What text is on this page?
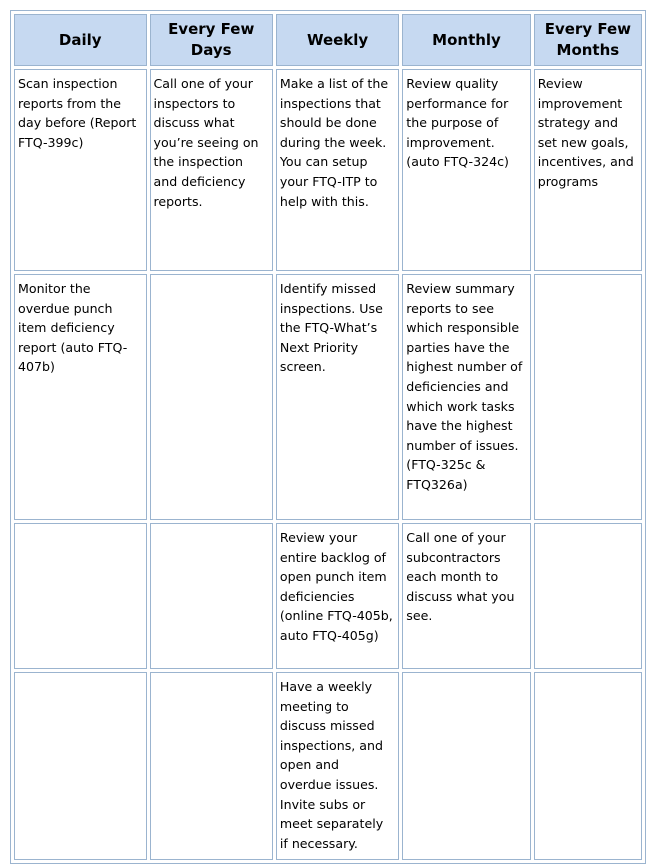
Daily	Every Few Days	Weekly	Monthly	Every Few Months
Scan inspection reports from the day before (Report FTQ-399c)	Call one of your inspectors to discuss what you’re seeing on the inspection and deficiency reports.	Make a list of the inspections that should be done during the week. You can setup your FTQ-ITP to help with this.	Review quality performance for the purpose of improvement. (auto FTQ-324c)	Review improvement strategy and set new goals, incentives, and programs
Monitor the overdue punch item deficiency report (auto FTQ-407b)		Identify missed inspections. Use the FTQ-What’s Next Priority screen.	Review summary reports to see which responsible parties have the highest number of deficiencies and which work tasks have the highest number of issues.(FTQ-325c & FTQ326a)	
		Review your entire backlog of open punch item deficiencies (online FTQ-405b, auto FTQ-405g)	Call one of your subcontractors each month to discuss what you see.	
		Have a weekly meeting to discuss missed inspections, and open and overdue issues. Invite subs or meet separately if necessary.		
